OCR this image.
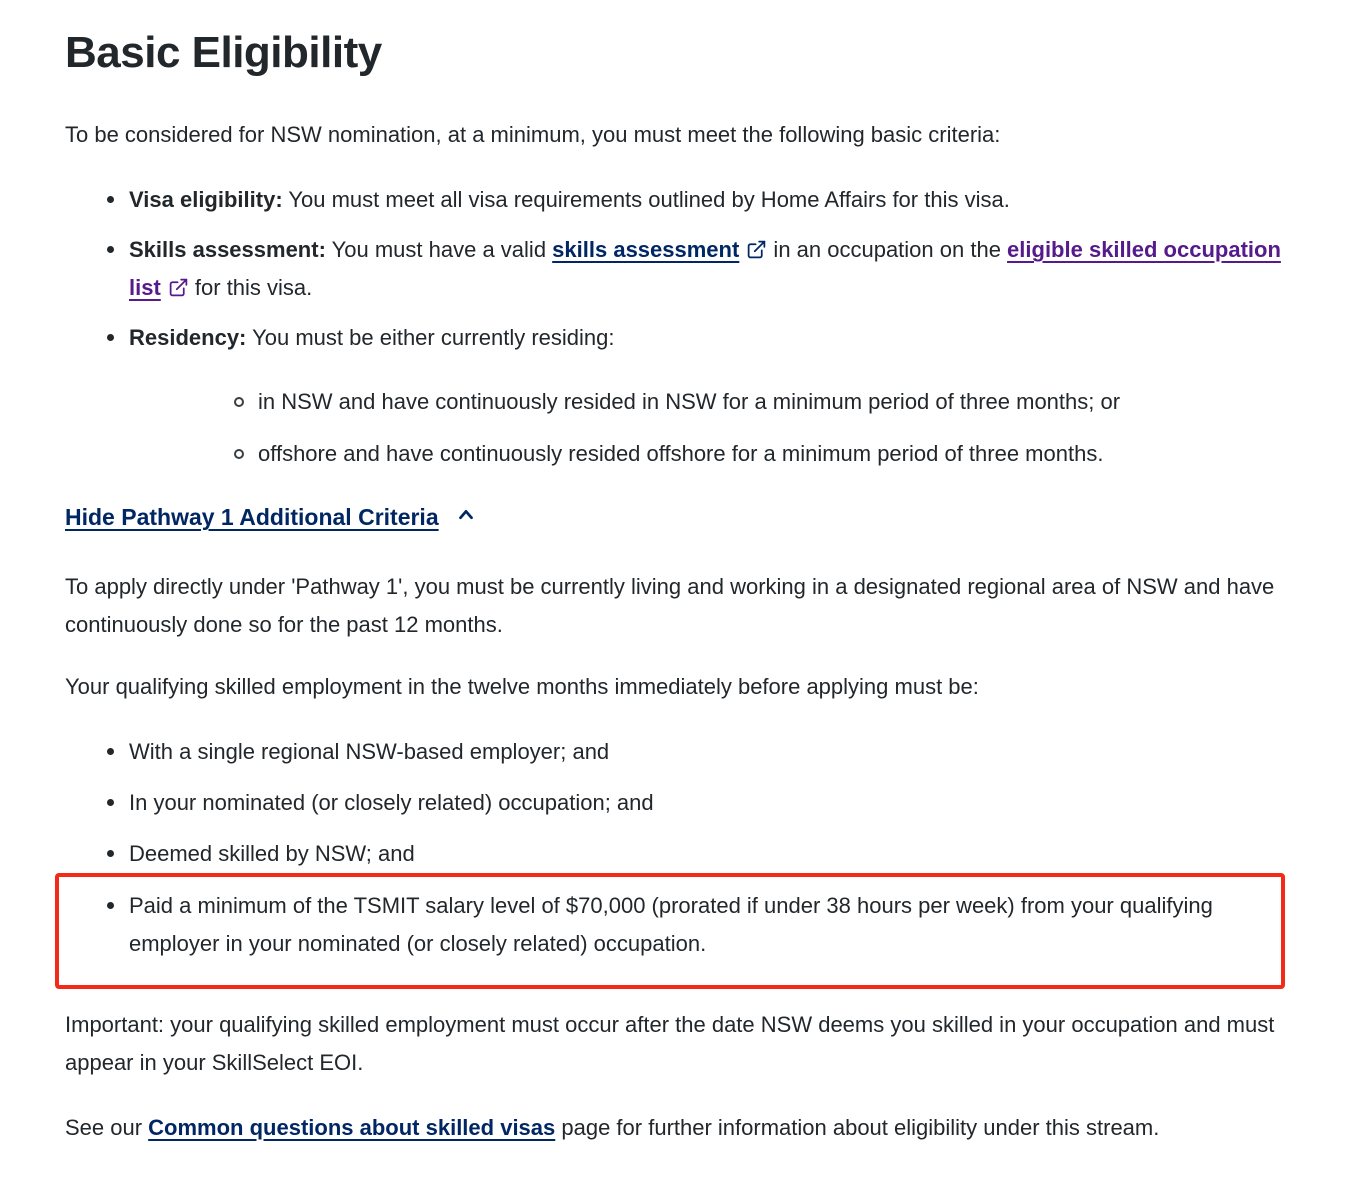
Basic Eligibility

To be considered for NSW nomination, at a minimum, you must meet the following basic criteria:

Visa eligibility: You must meet all visa requirements outlined by Home Affairs for this visa.
Skills assessment: You must have a valid skills assessment in an occupation on the eligible skilled occupation list for this visa.
Residency: You must be either currently residing:
in NSW and have continuously resided in NSW for a minimum period of three months; or
offshore and have continuously resided offshore for a minimum period of three months.
Hide Pathway 1 Additional Criteria

To apply directly under 'Pathway 1', you must be currently living and working in a designated regional area of NSW and have continuously done so for the past 12 months.

Your qualifying skilled employment in the twelve months immediately before applying must be:

With a single regional NSW-based employer; and
In your nominated (or closely related) occupation; and
Deemed skilled by NSW; and
Paid a minimum of the TSMIT salary level of $70,000 (prorated if under 38 hours per week) from your qualifying employer in your nominated (or closely related) occupation.

Important: your qualifying skilled employment must occur after the date NSW deems you skilled in your occupation and must appear in your SkillSelect EOI.

See our Common questions about skilled visas page for further information about eligibility under this stream.
